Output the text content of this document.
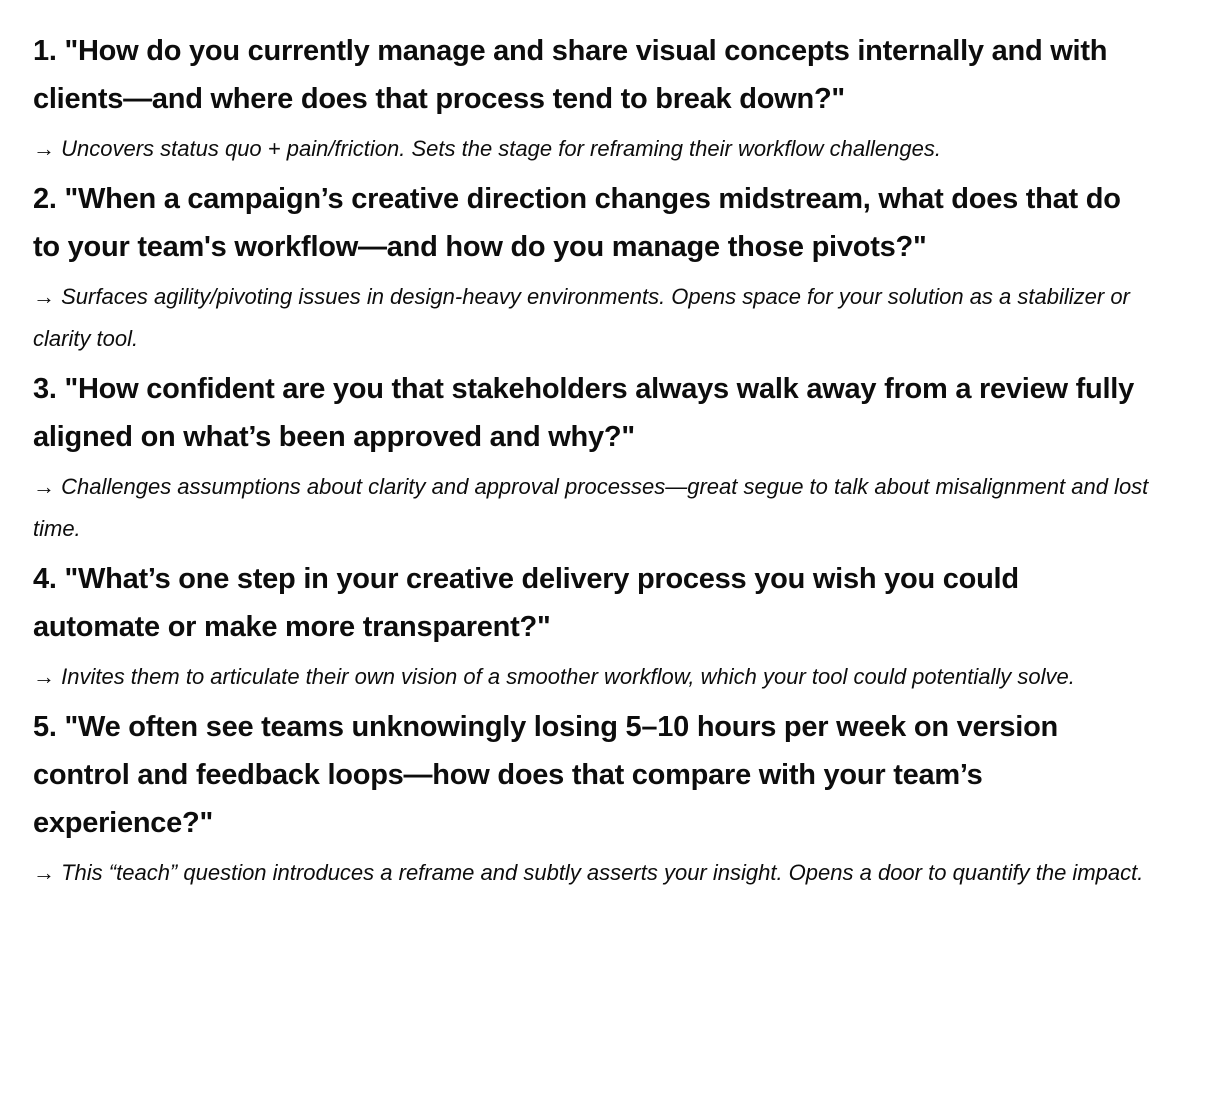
1. "How do you currently manage and share visual concepts internally and with clients—and where does that process tend to break down?"

→ Uncovers status quo + pain/friction. Sets the stage for reframing their workflow challenges.

2. "When a campaign’s creative direction changes midstream, what does that do to your team's workflow—and how do you manage those pivots?"

→ Surfaces agility/pivoting issues in design-heavy environments. Opens space for your solution as a stabilizer or clarity tool.

3. "How confident are you that stakeholders always walk away from a review fully aligned on what’s been approved and why?"

→ Challenges assumptions about clarity and approval processes—great segue to talk about misalignment and lost time.

4. "What’s one step in your creative delivery process you wish you could automate or make more transparent?"

→ Invites them to articulate their own vision of a smoother workflow, which your tool could potentially solve.

5. "We often see teams unknowingly losing 5–10 hours per week on version control and feedback loops—how does that compare with your team’s experience?"

→ This “teach” question introduces a reframe and subtly asserts your insight. Opens a door to quantify the impact.
